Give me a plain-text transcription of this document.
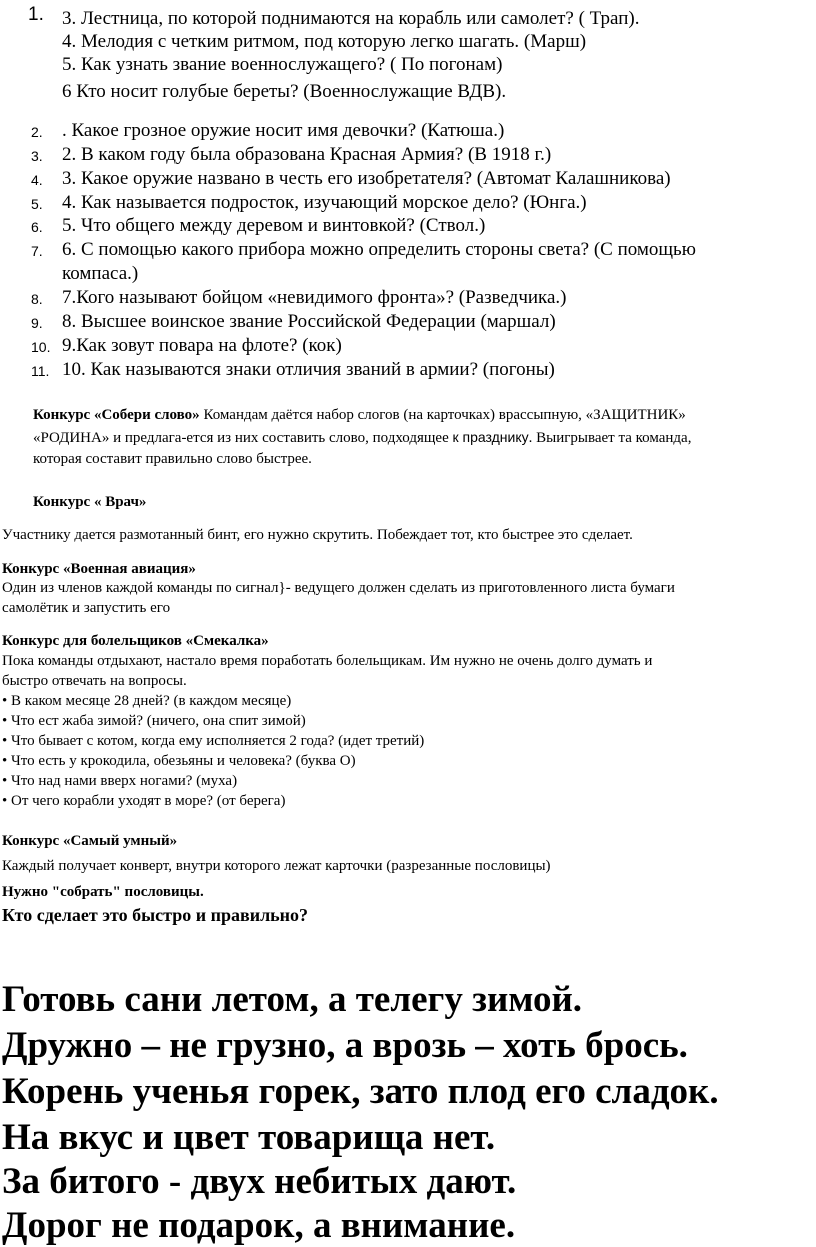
1. 3. Лестница, по которой поднимаются на корабль или самолет? ( Трап).
4. Мелодия с четким ритмом, под которую легко шагать. (Марш)
5. Как узнать звание военнослужащего? ( По погонам)
6 Кто носит голубые береты? (Военнослужащие ВДВ).
2. . Какое грозное оружие носит имя девочки? (Катюша.)
3. 2. В каком году была образована Красная Армия? (В 1918 г.)
4. 3. Какое оружие названо в честь его изобретателя? (Автомат Калашникова)
5. 4. Как называется подросток, изучающий морское дело? (Юнга.)
6. 5. Что общего между деревом и винтовкой? (Ствол.)
7. 6. С помощью какого прибора можно определить стороны света? (С помощью
компаса.)
8. 7.Кого называют бойцом «невидимого фронта»? (Разведчика.)
9. 8. Высшее воинское звание Российской Федерации (маршал)
10. 9.Как зовут повара на флоте? (кок)
11. 10. Как называются знаки отличия званий в армии? (погоны)
Конкурс «Собери слово» Командам даётся набор слогов (на карточках) врассыпную, «ЗАЩИТНИК»
«РОДИНА» и предлага-ется из них составить слово, подходящее к празднику. Выигрывает та команда,
которая составит правильно слово быстрее.
Конкурс « Врач»
Участнику дается размотанный бинт, его нужно скрутить. Побеждает тот, кто быстрее это сделает.
Конкурс «Военная авиация»
Один из членов каждой команды по сигнал}- ведущего должен сделать из приготовленного листа бумаги
самолётик и запустить его
Конкурс для болельщиков «Смекалка»
Пока команды отдыхают, настало время поработать болельщикам. Им нужно не очень долго думать и
быстро отвечать на вопросы.
• В каком месяце 28 дней? (в каждом месяце)
• Что ест жаба зимой? (ничего, она спит зимой)
• Что бывает с котом, когда ему исполняется 2 года? (идет третий)
• Что есть у крокодила, обезьяны и человека? (буква О)
• Что над нами вверх ногами? (муха)
• От чего корабли уходят в море? (от берега)
Конкурс «Самый умный»
Каждый получает конверт, внутри которого лежат карточки (разрезанные пословицы)
Нужно "собрать" пословицы.
Кто сделает это быстро и правильно?
Готовь сани летом, а телегу зимой.
Дружно – не грузно, а врозь – хоть брось.
Корень ученья горек, зато плод его сладок.
На вкус и цвет товарища нет.
За битого - двух небитых дают.
Дорог не подарок, а внимание.
